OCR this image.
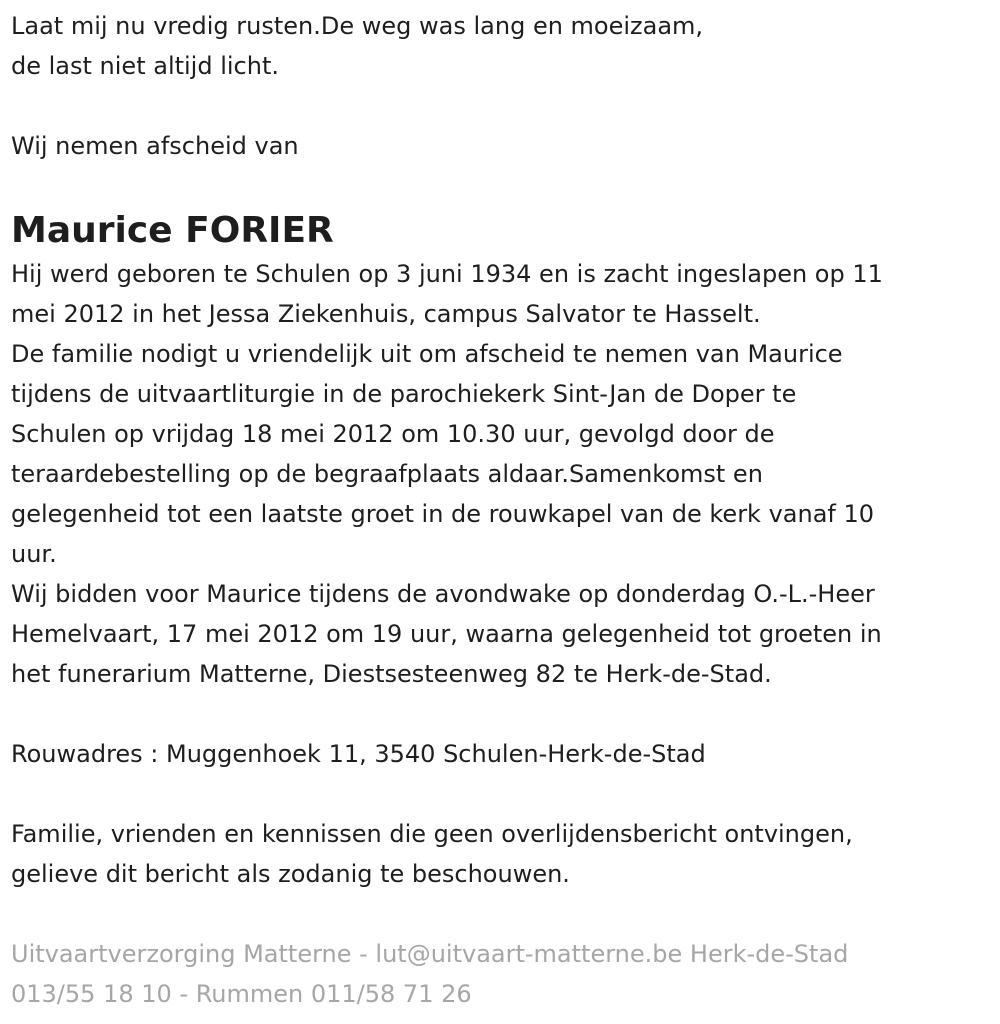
Laat mij nu vredig rusten.De weg was lang en moeizaam,
de last niet altijd licht.

Wij nemen afscheid van

Maurice FORIER

Hij werd geboren te Schulen op 3 juni 1934 en is zacht ingeslapen op 11
mei 2012 in het Jessa Ziekenhuis, campus Salvator te Hasselt.
De familie nodigt u vriendelijk uit om afscheid te nemen van Maurice
tijdens de uitvaartliturgie in de parochiekerk Sint-Jan de Doper te
Schulen op vrijdag 18 mei 2012 om 10.30 uur, gevolgd door de
teraardebestelling op de begraafplaats aldaar.Samenkomst en
gelegenheid tot een laatste groet in de rouwkapel van de kerk vanaf 10
uur.
Wij bidden voor Maurice tijdens de avondwake op donderdag O.-L.-Heer
Hemelvaart, 17 mei 2012 om 19 uur, waarna gelegenheid tot groeten in
het funerarium Matterne, Diestsesteenweg 82 te Herk-de-Stad.

Rouwadres : Muggenhoek 11, 3540 Schulen-Herk-de-Stad

Familie, vrienden en kennissen die geen overlijdensbericht ontvingen,
gelieve dit bericht als zodanig te beschouwen.

Uitvaartverzorging Matterne - lut@uitvaart-matterne.be Herk-de-Stad
013/55 18 10 - Rummen 011/58 71 26
